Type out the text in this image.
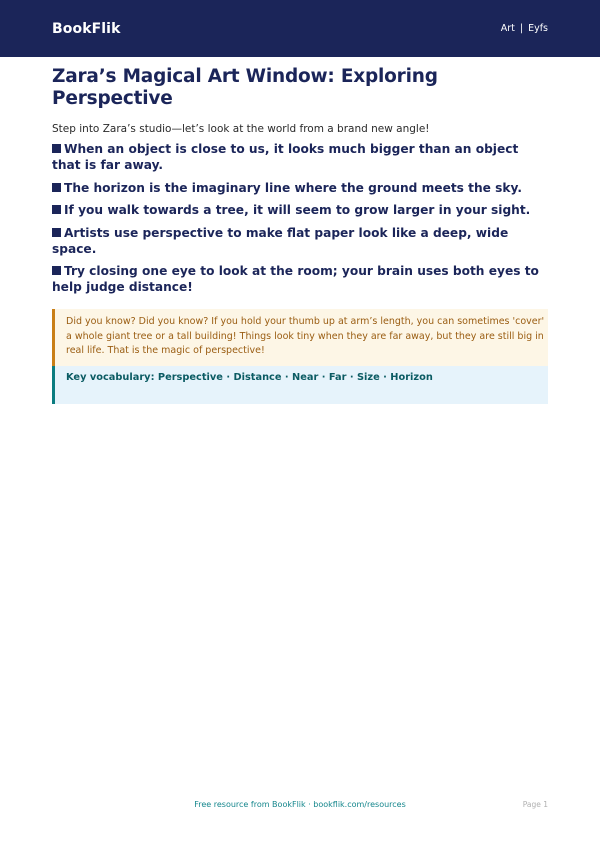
BookFlik	Art | Eyfs
Zara’s Magical Art Window: Exploring Perspective

Step into Zara’s studio—let’s look at the world from a brand new angle!

When an object is close to us, it looks much bigger than an object that is far away.
The horizon is the imaginary line where the ground meets the sky.
If you walk towards a tree, it will seem to grow larger in your sight.
Artists use perspective to make flat paper look like a deep, wide space.
Try closing one eye to look at the room; your brain uses both eyes to help judge distance!
Did you know? Did you know? If you hold your thumb up at arm’s length, you can sometimes 'cover' a whole giant tree or a tall building! Things look tiny when they are far away, but they are still big in real life. That is the magic of perspective!
Key vocabulary: Perspective · Distance · Near · Far · Size · Horizon
Free resource from BookFlik · bookflik.com/resources	Page 1
